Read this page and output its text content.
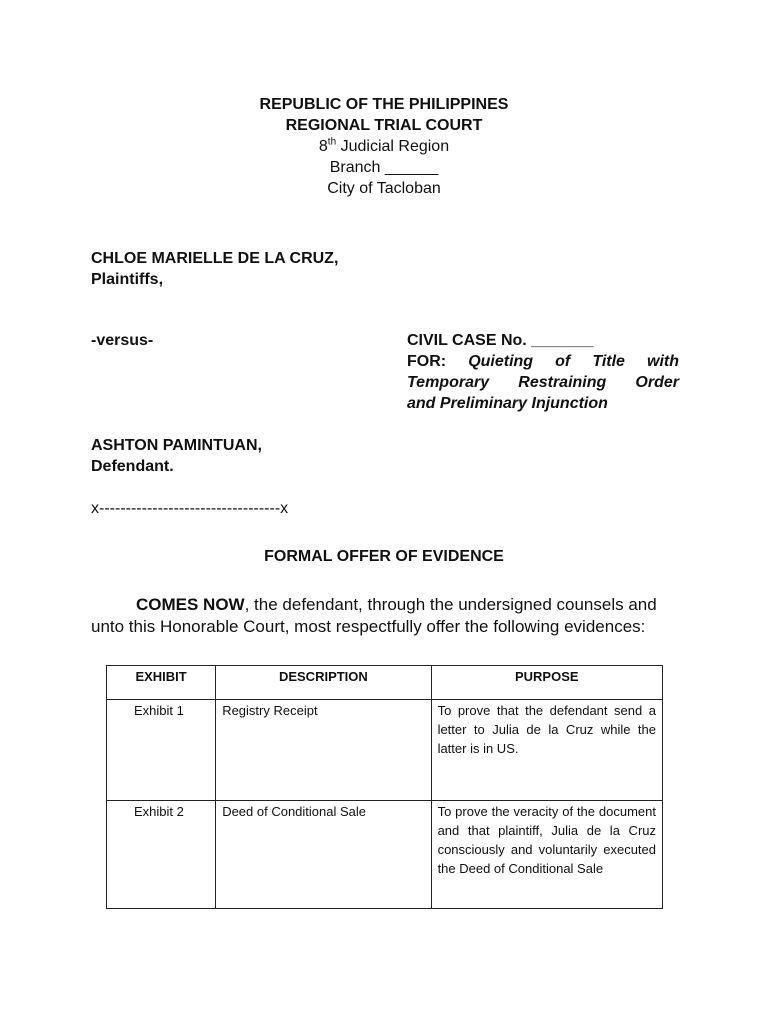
REPUBLIC OF THE PHILIPPINES
REGIONAL TRIAL COURT
8th Judicial Region
Branch ______
City of Tacloban
CHLOE MARIELLE DE LA CRUZ,
Plaintiffs,
-versus-	CIVIL CASE No. _______
FOR: Quieting of Title with
Temporary Restraining Order
and Preliminary Injunction
ASHTON PAMINTUAN,
Defendant.
x----------------------------------x
FORMAL OFFER OF EVIDENCE

COMES NOW, the defendant, through the undersigned counsels and

unto this Honorable Court, most respectfully offer the following evidences:

EXHIBIT	DESCRIPTION	PURPOSE
Exhibit 1	Registry Receipt	To prove that the defendant send a letter to Julia de la Cruz while the latter is in US.
Exhibit 2	Deed of Conditional Sale	To prove the veracity of the document and that plaintiff, Julia de la Cruz consciously and voluntarily executed the Deed of Conditional Sale
